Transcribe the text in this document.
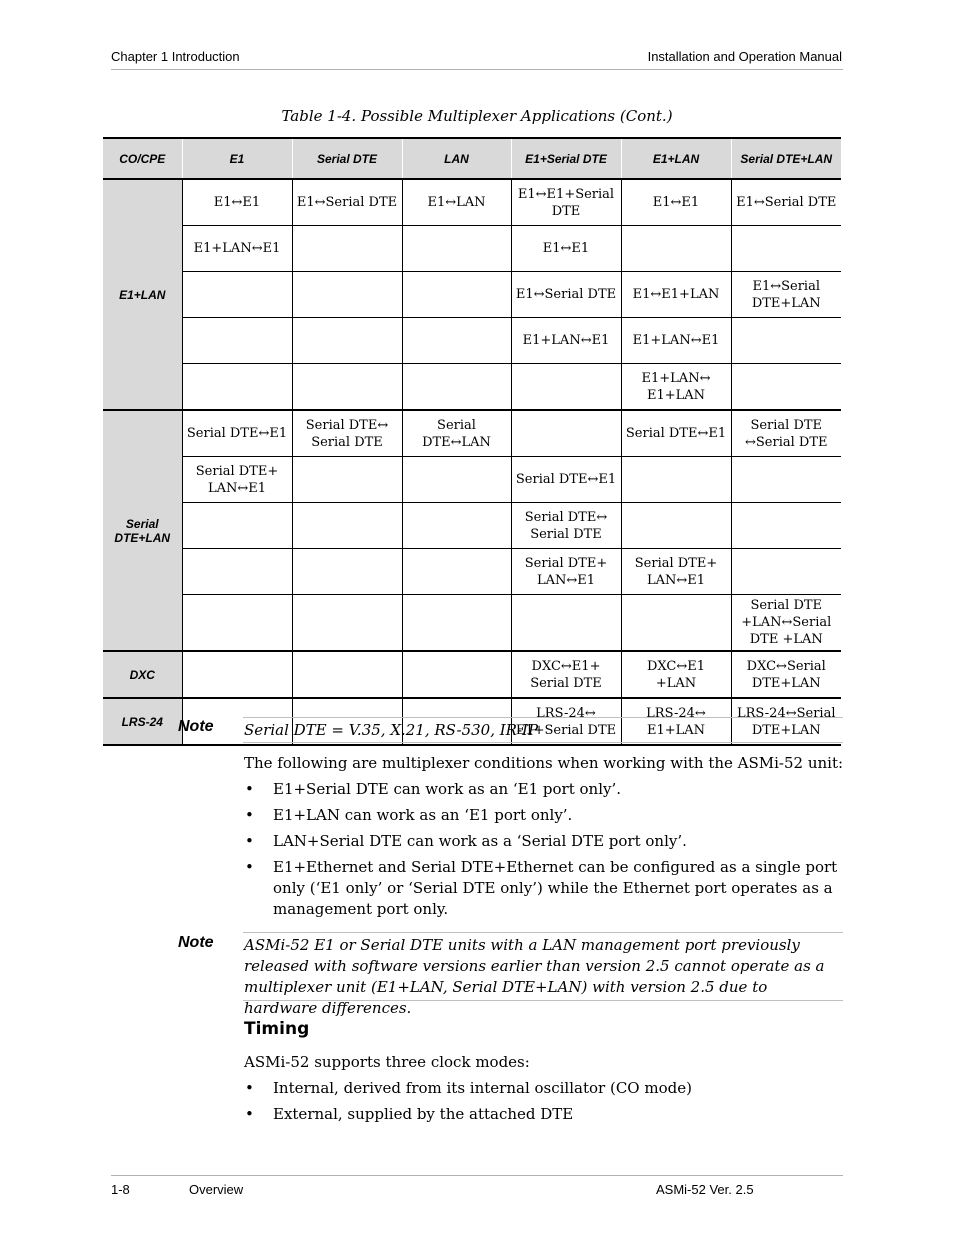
Chapter 1 Introduction	Installation and Operation Manual
Table 1-4. Possible Multiplexer Applications (Cont.)
CO/CPE	E1	Serial DTE	LAN	E1+Serial DTE	E1+LAN	Serial DTE+LAN
E1+LAN	E1↔E1	E1↔Serial DTE	E1↔LAN	E1↔E1+Serial DTE	E1↔E1	E1↔Serial DTE
	E1+LAN↔E1			E1↔E1		
				E1↔Serial DTE	E1↔E1+LAN	E1↔Serial DTE+LAN
				E1+LAN↔E1	E1+LAN↔E1	
					E1+LAN↔ E1+LAN	
Serial DTE+LAN	Serial DTE↔E1	Serial DTE↔ Serial DTE	Serial DTE↔LAN		Serial DTE↔E1	Serial DTE ↔Serial DTE
	Serial DTE+ LAN↔E1			Serial DTE↔E1		
				Serial DTE↔ Serial DTE		
				Serial DTE+ LAN↔E1	Serial DTE+ LAN↔E1	
						Serial DTE +LAN↔Serial DTE +LAN
DXC				DXC↔E1+ Serial DTE	DXC↔E1 +LAN	DXC↔Serial DTE+LAN
LRS-24				LRS-24↔ E1+Serial DTE	LRS-24↔ E1+LAN	LRS-24↔Serial DTE+LAN
Note Serial DTE = V.35, X.21, RS-530, IR-IP
The following are multiplexer conditions when working with the ASMi-52 unit:
• E1+Serial DTE can work as an ‘E1 port only’.
• E1+LAN can work as an ‘E1 port only’.
• LAN+Serial DTE can work as a ‘Serial DTE port only’.
• E1+Ethernet and Serial DTE+Ethernet can be configured as a single port only (‘E1 only’ or ‘Serial DTE only’) while the Ethernet port operates as a management port only.
Note ASMi-52 E1 or Serial DTE units with a LAN management port previously released with software versions earlier than version 2.5 cannot operate as a multiplexer unit (E1+LAN, Serial DTE+LAN) with version 2.5 due to hardware differences.
Timing
ASMi-52 supports three clock modes:
• Internal, derived from its internal oscillator (CO mode)
• External, supplied by the attached DTE
1-8	Overview	ASMi-52 Ver. 2.5
